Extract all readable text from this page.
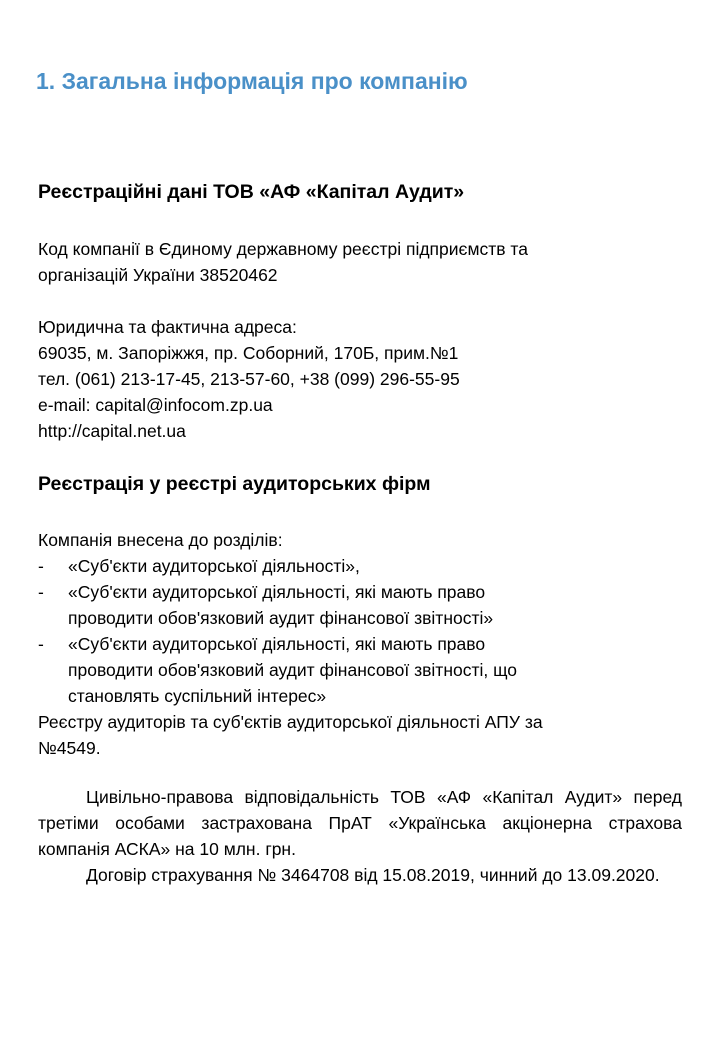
1. Загальна інформація про компанію
Реєстраційні дані ТОВ «АФ «Капітал Аудит»

Код компанії в Єдиному державному реєстрі підприємств та

організацій України 38520462

Юридична та фактична адреса:

69035, м. Запоріжжя, пр. Соборний, 170Б, прим.№1

тел. (061) 213-17-45, 213-57-60, +38 (099) 296-55-95

e-mail: capital@infocom.zp.ua

http://capital.net.ua

Реєстрація у реєстрі аудиторських фірм

Компанія внесена до розділів:

- «Суб'єкти аудиторської діяльності»,

- «Суб'єкти аудиторської діяльності, які мають право

проводити обов'язковий аудит фінансової звітності»

- «Суб'єкти аудиторської діяльності, які мають право

проводити обов'язковий аудит фінансової звітності, що

становлять суспільний інтерес»

Реєстру аудиторів та суб'єктів аудиторської діяльності АПУ за

№4549.

Цивільно-правова відповідальність ТОВ «АФ «Капітал Аудит» перед третіми особами застрахована ПрАТ «Українська акціонерна страхова компанія АСКА» на 10 млн. грн.

Договір страхування № 3464708 від 15.08.2019, чинний до 13.09.2020.
